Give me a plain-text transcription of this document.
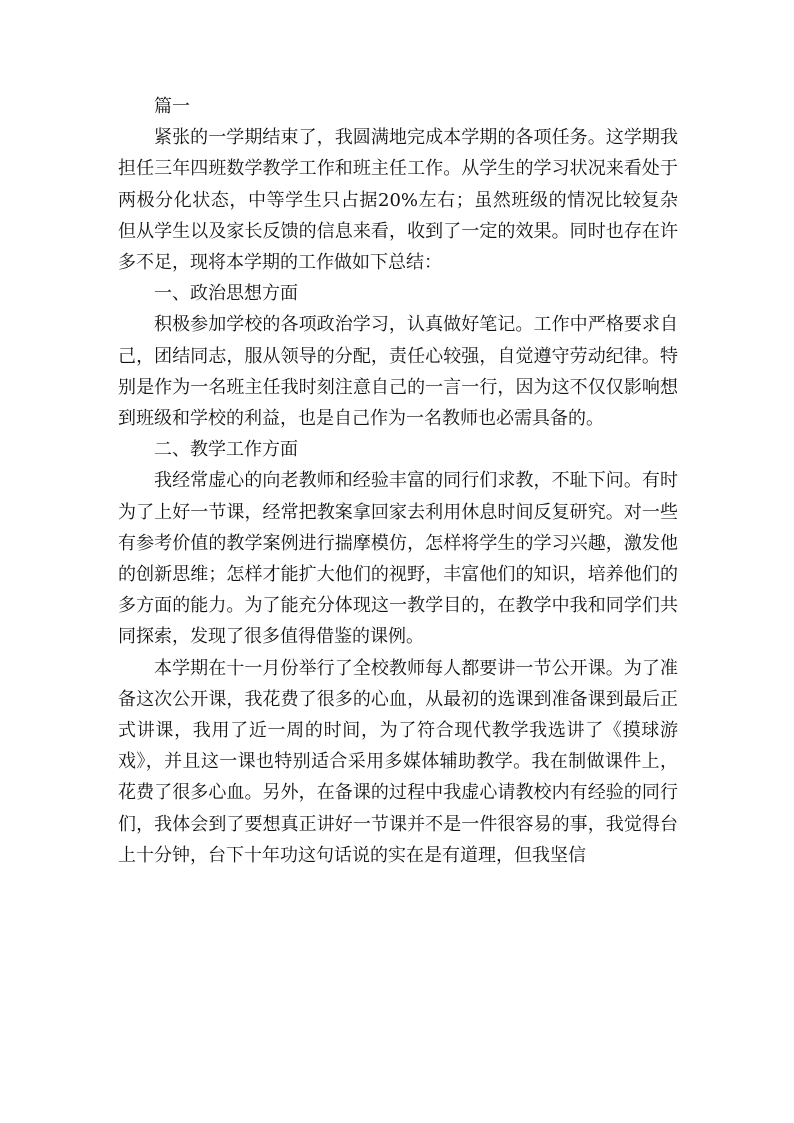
篇一

紧张的一学期结束了，我圆满地完成本学期的各项任务。这学期我担任三年四班数学教学工作和班主任工作。从学生的学习状况来看处于两极分化状态，中等学生只占据20%左右；虽然班级的情况比较复杂但从学生以及家长反馈的信息来看，收到了一定的效果。同时也存在许多不足，现将本学期的工作做如下总结：

一、政治思想方面

积极参加学校的各项政治学习，认真做好笔记。工作中严格要求自己，团结同志，服从领导的分配，责任心较强，自觉遵守劳动纪律。特别是作为一名班主任我时刻注意自己的一言一行，因为这不仅仅影响想到班级和学校的利益，也是自己作为一名教师也必需具备的。

二、教学工作方面

我经常虚心的向老教师和经验丰富的同行们求教，不耻下问。有时为了上好一节课，经常把教案拿回家去利用休息时间反复研究。对一些有参考价值的教学案例进行揣摩模仿，怎样将学生的学习兴趣，激发他的创新思维；怎样才能扩大他们的视野，丰富他们的知识，培养他们的多方面的能力。为了能充分体现这一教学目的，在教学中我和同学们共同探索，发现了很多值得借鉴的课例。

本学期在十一月份举行了全校教师每人都要讲一节公开课。为了准备这次公开课，我花费了很多的心血，从最初的选课到准备课到最后正式讲课，我用了近一周的时间，为了符合现代教学我选讲了《摸球游戏》，并且这一课也特别适合采用多媒体辅助教学。我在制做课件上，花费了很多心血。另外，在备课的过程中我虚心请教校内有经验的同行们，我体会到了要想真正讲好一节课并不是一件很容易的事，我觉得台上十分钟，台下十年功这句话说的实在是有道理，但我坚信
